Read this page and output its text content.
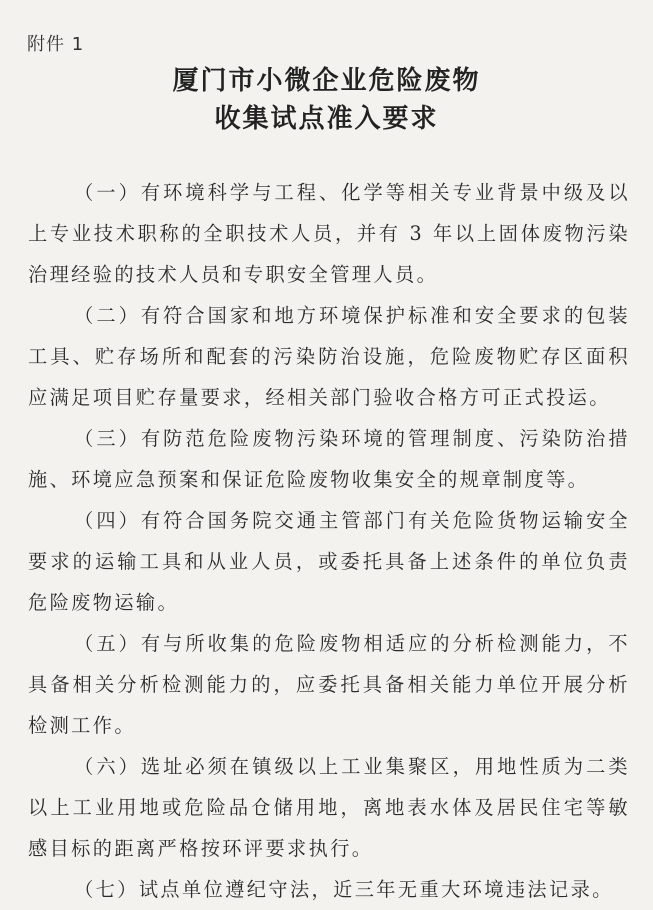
附件 1
厦门市小微企业危险废物
收集试点准入要求

（一）有环境科学与工程、化学等相关专业背景中级及以上专业技术职称的全职技术人员，并有 3 年以上固体废物污染治理经验的技术人员和专职安全管理人员。

（二）有符合国家和地方环境保护标准和安全要求的包装工具、贮存场所和配套的污染防治设施，危险废物贮存区面积应满足项目贮存量要求，经相关部门验收合格方可正式投运。

（三）有防范危险废物污染环境的管理制度、污染防治措施、环境应急预案和保证危险废物收集安全的规章制度等。

（四）有符合国务院交通主管部门有关危险货物运输安全要求的运输工具和从业人员，或委托具备上述条件的单位负责危险废物运输。

（五）有与所收集的危险废物相适应的分析检测能力，不具备相关分析检测能力的，应委托具备相关能力单位开展分析检测工作。

（六）选址必须在镇级以上工业集聚区，用地性质为二类以上工业用地或危险品仓储用地，离地表水体及居民住宅等敏感目标的距离严格按环评要求执行。

（七）试点单位遵纪守法，近三年无重大环境违法记录。
